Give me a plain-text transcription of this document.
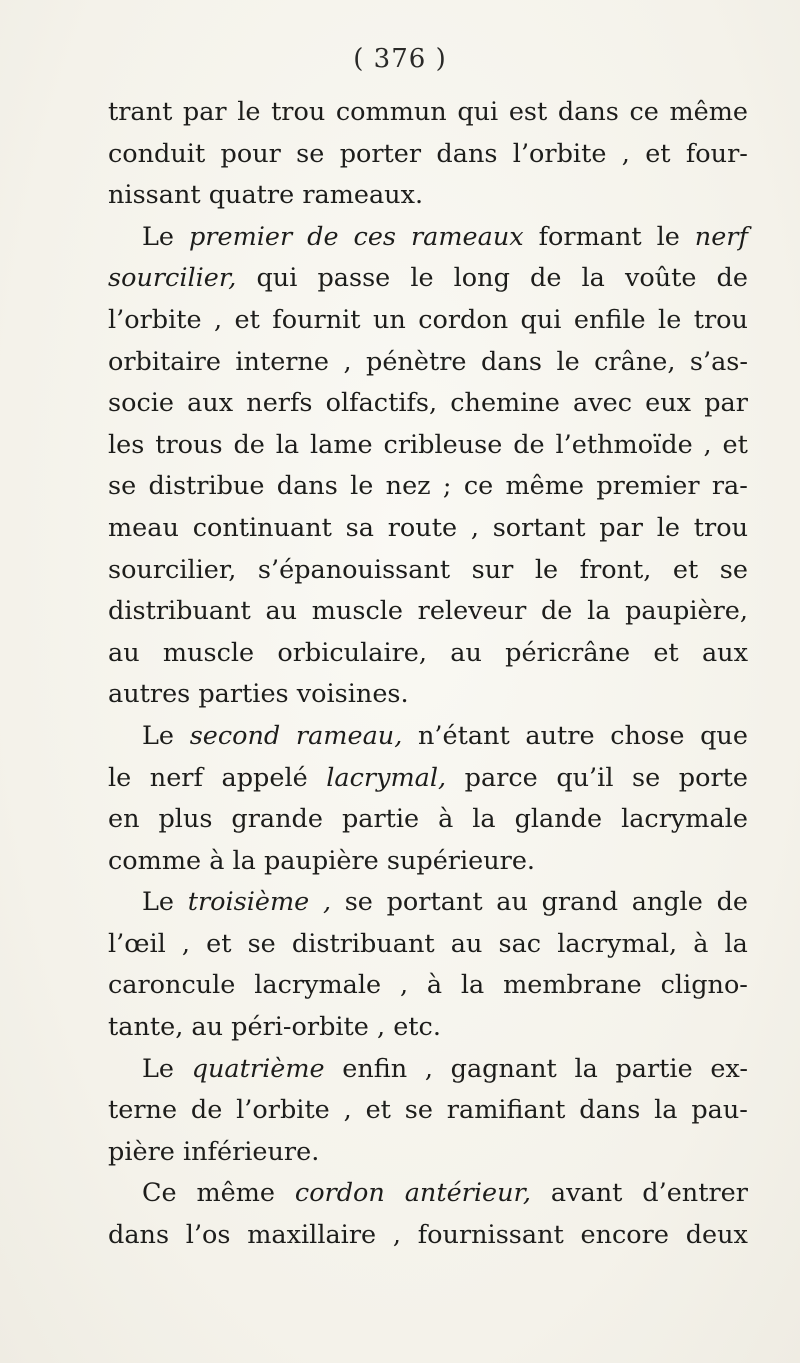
( 376 )
trant par le trou commun qui est dans ce même
conduit pour se porter dans l’orbite , et four-
nissant quatre rameaux.
Le premier de ces rameaux formant le nerf
sourcilier, qui passe le long de la voûte de
l’orbite , et fournit un cordon qui enfile le trou
orbitaire interne , pénètre dans le crâne, s’as-
socie aux nerfs olfactifs, chemine avec eux par
les trous de la lame cribleuse de l’ethmoïde , et
se distribue dans le nez ; ce même premier ra-
meau continuant sa route , sortant par le trou
sourcilier, s’épanouissant sur le front, et se
distribuant au muscle releveur de la paupière,
au muscle orbiculaire, au péricrâne et aux
autres parties voisines.
Le second rameau, n’étant autre chose que
le nerf appelé lacrymal, parce qu’il se porte
en plus grande partie à la glande lacrymale
comme à la paupière supérieure.
Le troisième , se portant au grand angle de
l’œil , et se distribuant au sac lacrymal, à la
caroncule lacrymale , à la membrane cligno-
tante, au péri-orbite , etc.
Le quatrième enfin , gagnant la partie ex-
terne de l’orbite , et se ramifiant dans la pau-
pière inférieure.
Ce même cordon antérieur, avant d’entrer
dans l’os maxillaire , fournissant encore deux
